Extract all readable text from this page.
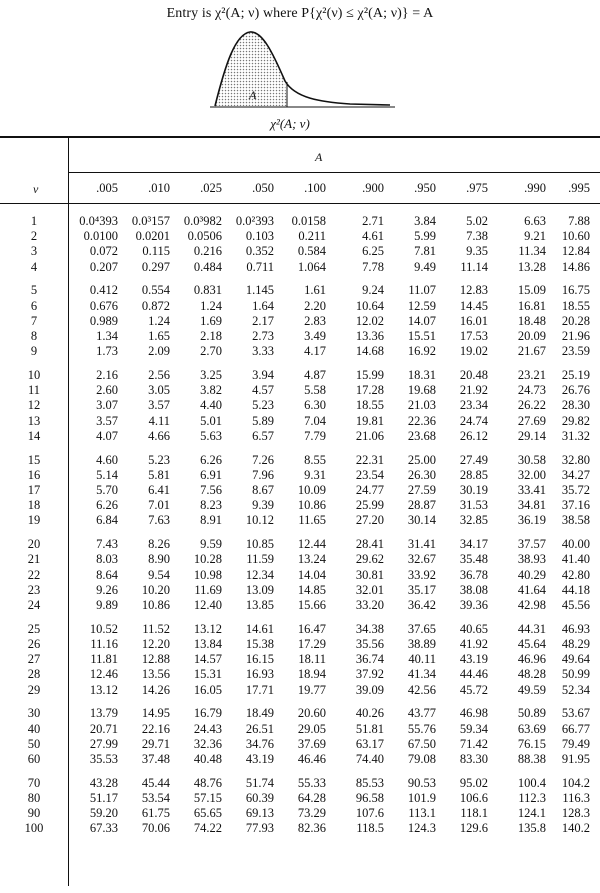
Entry is χ²(A; ν) where P{χ²(ν) ≤ χ²(A; ν)} = A
A
χ²(A; ν)
A
ν	.005	.010	.025	.050	.100	.900	.950	.975	.990	.995
1	0.0⁴393	0.0³157	0.0³982	0.0²393	0.0158	2.71	3.84	5.02	6.63	7.88
2	0.0100	0.0201	0.0506	0.103	0.211	4.61	5.99	7.38	9.21	10.60
3	0.072	0.115	0.216	0.352	0.584	6.25	7.81	9.35	11.34	12.84
4	0.207	0.297	0.484	0.711	1.064	7.78	9.49	11.14	13.28	14.86
5	0.412	0.554	0.831	1.145	1.61	9.24	11.07	12.83	15.09	16.75
6	0.676	0.872	1.24	1.64	2.20	10.64	12.59	14.45	16.81	18.55
7	0.989	1.24	1.69	2.17	2.83	12.02	14.07	16.01	18.48	20.28
8	1.34	1.65	2.18	2.73	3.49	13.36	15.51	17.53	20.09	21.96
9	1.73	2.09	2.70	3.33	4.17	14.68	16.92	19.02	21.67	23.59
10	2.16	2.56	3.25	3.94	4.87	15.99	18.31	20.48	23.21	25.19
11	2.60	3.05	3.82	4.57	5.58	17.28	19.68	21.92	24.73	26.76
12	3.07	3.57	4.40	5.23	6.30	18.55	21.03	23.34	26.22	28.30
13	3.57	4.11	5.01	5.89	7.04	19.81	22.36	24.74	27.69	29.82
14	4.07	4.66	5.63	6.57	7.79	21.06	23.68	26.12	29.14	31.32
15	4.60	5.23	6.26	7.26	8.55	22.31	25.00	27.49	30.58	32.80
16	5.14	5.81	6.91	7.96	9.31	23.54	26.30	28.85	32.00	34.27
17	5.70	6.41	7.56	8.67	10.09	24.77	27.59	30.19	33.41	35.72
18	6.26	7.01	8.23	9.39	10.86	25.99	28.87	31.53	34.81	37.16
19	6.84	7.63	8.91	10.12	11.65	27.20	30.14	32.85	36.19	38.58
20	7.43	8.26	9.59	10.85	12.44	28.41	31.41	34.17	37.57	40.00
21	8.03	8.90	10.28	11.59	13.24	29.62	32.67	35.48	38.93	41.40
22	8.64	9.54	10.98	12.34	14.04	30.81	33.92	36.78	40.29	42.80
23	9.26	10.20	11.69	13.09	14.85	32.01	35.17	38.08	41.64	44.18
24	9.89	10.86	12.40	13.85	15.66	33.20	36.42	39.36	42.98	45.56
25	10.52	11.52	13.12	14.61	16.47	34.38	37.65	40.65	44.31	46.93
26	11.16	12.20	13.84	15.38	17.29	35.56	38.89	41.92	45.64	48.29
27	11.81	12.88	14.57	16.15	18.11	36.74	40.11	43.19	46.96	49.64
28	12.46	13.56	15.31	16.93	18.94	37.92	41.34	44.46	48.28	50.99
29	13.12	14.26	16.05	17.71	19.77	39.09	42.56	45.72	49.59	52.34
30	13.79	14.95	16.79	18.49	20.60	40.26	43.77	46.98	50.89	53.67
40	20.71	22.16	24.43	26.51	29.05	51.81	55.76	59.34	63.69	66.77
50	27.99	29.71	32.36	34.76	37.69	63.17	67.50	71.42	76.15	79.49
60	35.53	37.48	40.48	43.19	46.46	74.40	79.08	83.30	88.38	91.95
70	43.28	45.44	48.76	51.74	55.33	85.53	90.53	95.02	100.4	104.2
80	51.17	53.54	57.15	60.39	64.28	96.58	101.9	106.6	112.3	116.3
90	59.20	61.75	65.65	69.13	73.29	107.6	113.1	118.1	124.1	128.3
100	67.33	70.06	74.22	77.93	82.36	118.5	124.3	129.6	135.8	140.2
